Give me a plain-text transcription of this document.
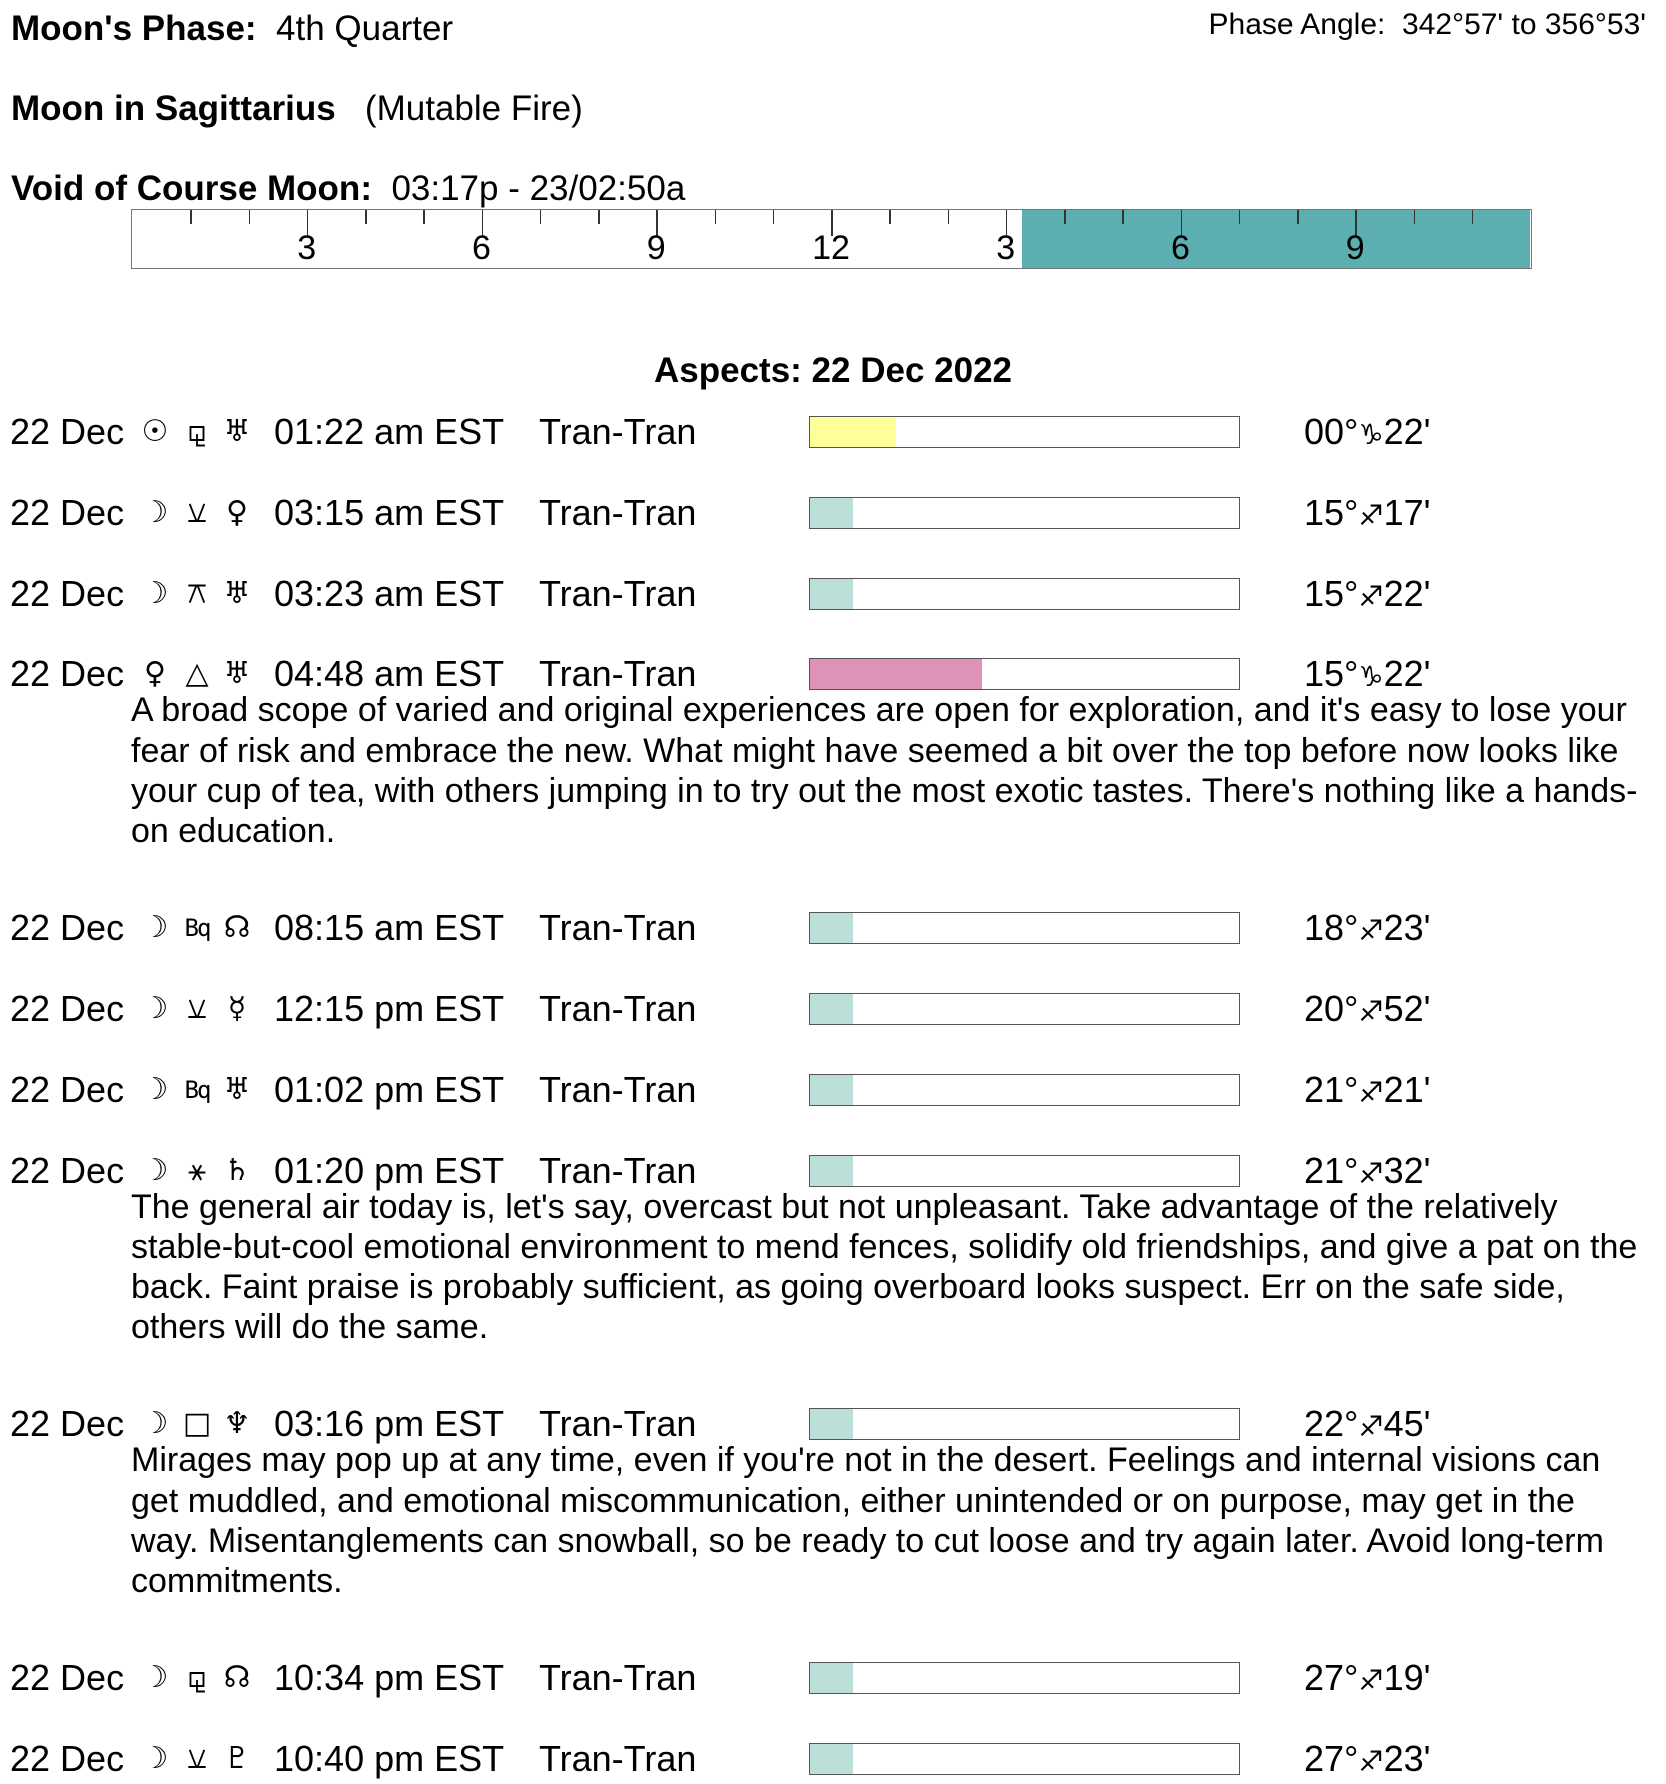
Moon's Phase: 4th Quarter	Phase Angle: 342°57' to 356°53'
Moon in Sagittarius (Mutable Fire)
Void of Course Moon: 03:17p - 23/02:50a
3	6	9	12	3	6	9
Aspects: 22 Dec 2022
22 Dec ☉ ⚼ ♅ 01:22 am EST Tran-Tran	00°♑22'
22 Dec ☽ ⚺ ♀ 03:15 am EST Tran-Tran	15°♐17'
22 Dec ☽ ⚻ ♅ 03:23 am EST Tran-Tran	15°♐22'
22 Dec ♀ △ ♅ 04:48 am EST Tran-Tran	15°♑22'
A broad scope of varied and original experiences are open for exploration, and it's easy to lose your fear of risk and embrace the new. What might have seemed a bit over the top before now looks like your cup of tea, with others jumping in to try out the most exotic tastes. There's nothing like a hands-on education.
22 Dec ☽ Bq ☊ 08:15 am EST Tran-Tran	18°♐23'
22 Dec ☽ ⚺ ☿ 12:15 pm EST Tran-Tran	20°♐52'
22 Dec ☽ Bq ♅ 01:02 pm EST Tran-Tran	21°♐21'
22 Dec ☽ ⚹ ♄ 01:20 pm EST Tran-Tran	21°♐32'
The general air today is, let's say, overcast but not unpleasant. Take advantage of the relatively stable-but-cool emotional environment to mend fences, solidify old friendships, and give a pat on the back. Faint praise is probably sufficient, as going overboard looks suspect. Err on the safe side, others will do the same.
22 Dec ☽ □ ♆ 03:16 pm EST Tran-Tran	22°♐45'
Mirages may pop up at any time, even if you're not in the desert. Feelings and internal visions can get muddled, and emotional miscommunication, either unintended or on purpose, may get in the way. Misentanglements can snowball, so be ready to cut loose and try again later. Avoid long-term commitments.
22 Dec ☽ ⚼ ☊ 10:34 pm EST Tran-Tran	27°♐19'
22 Dec ☽ ⚺ ♇ 10:40 pm EST Tran-Tran	27°♐23'
